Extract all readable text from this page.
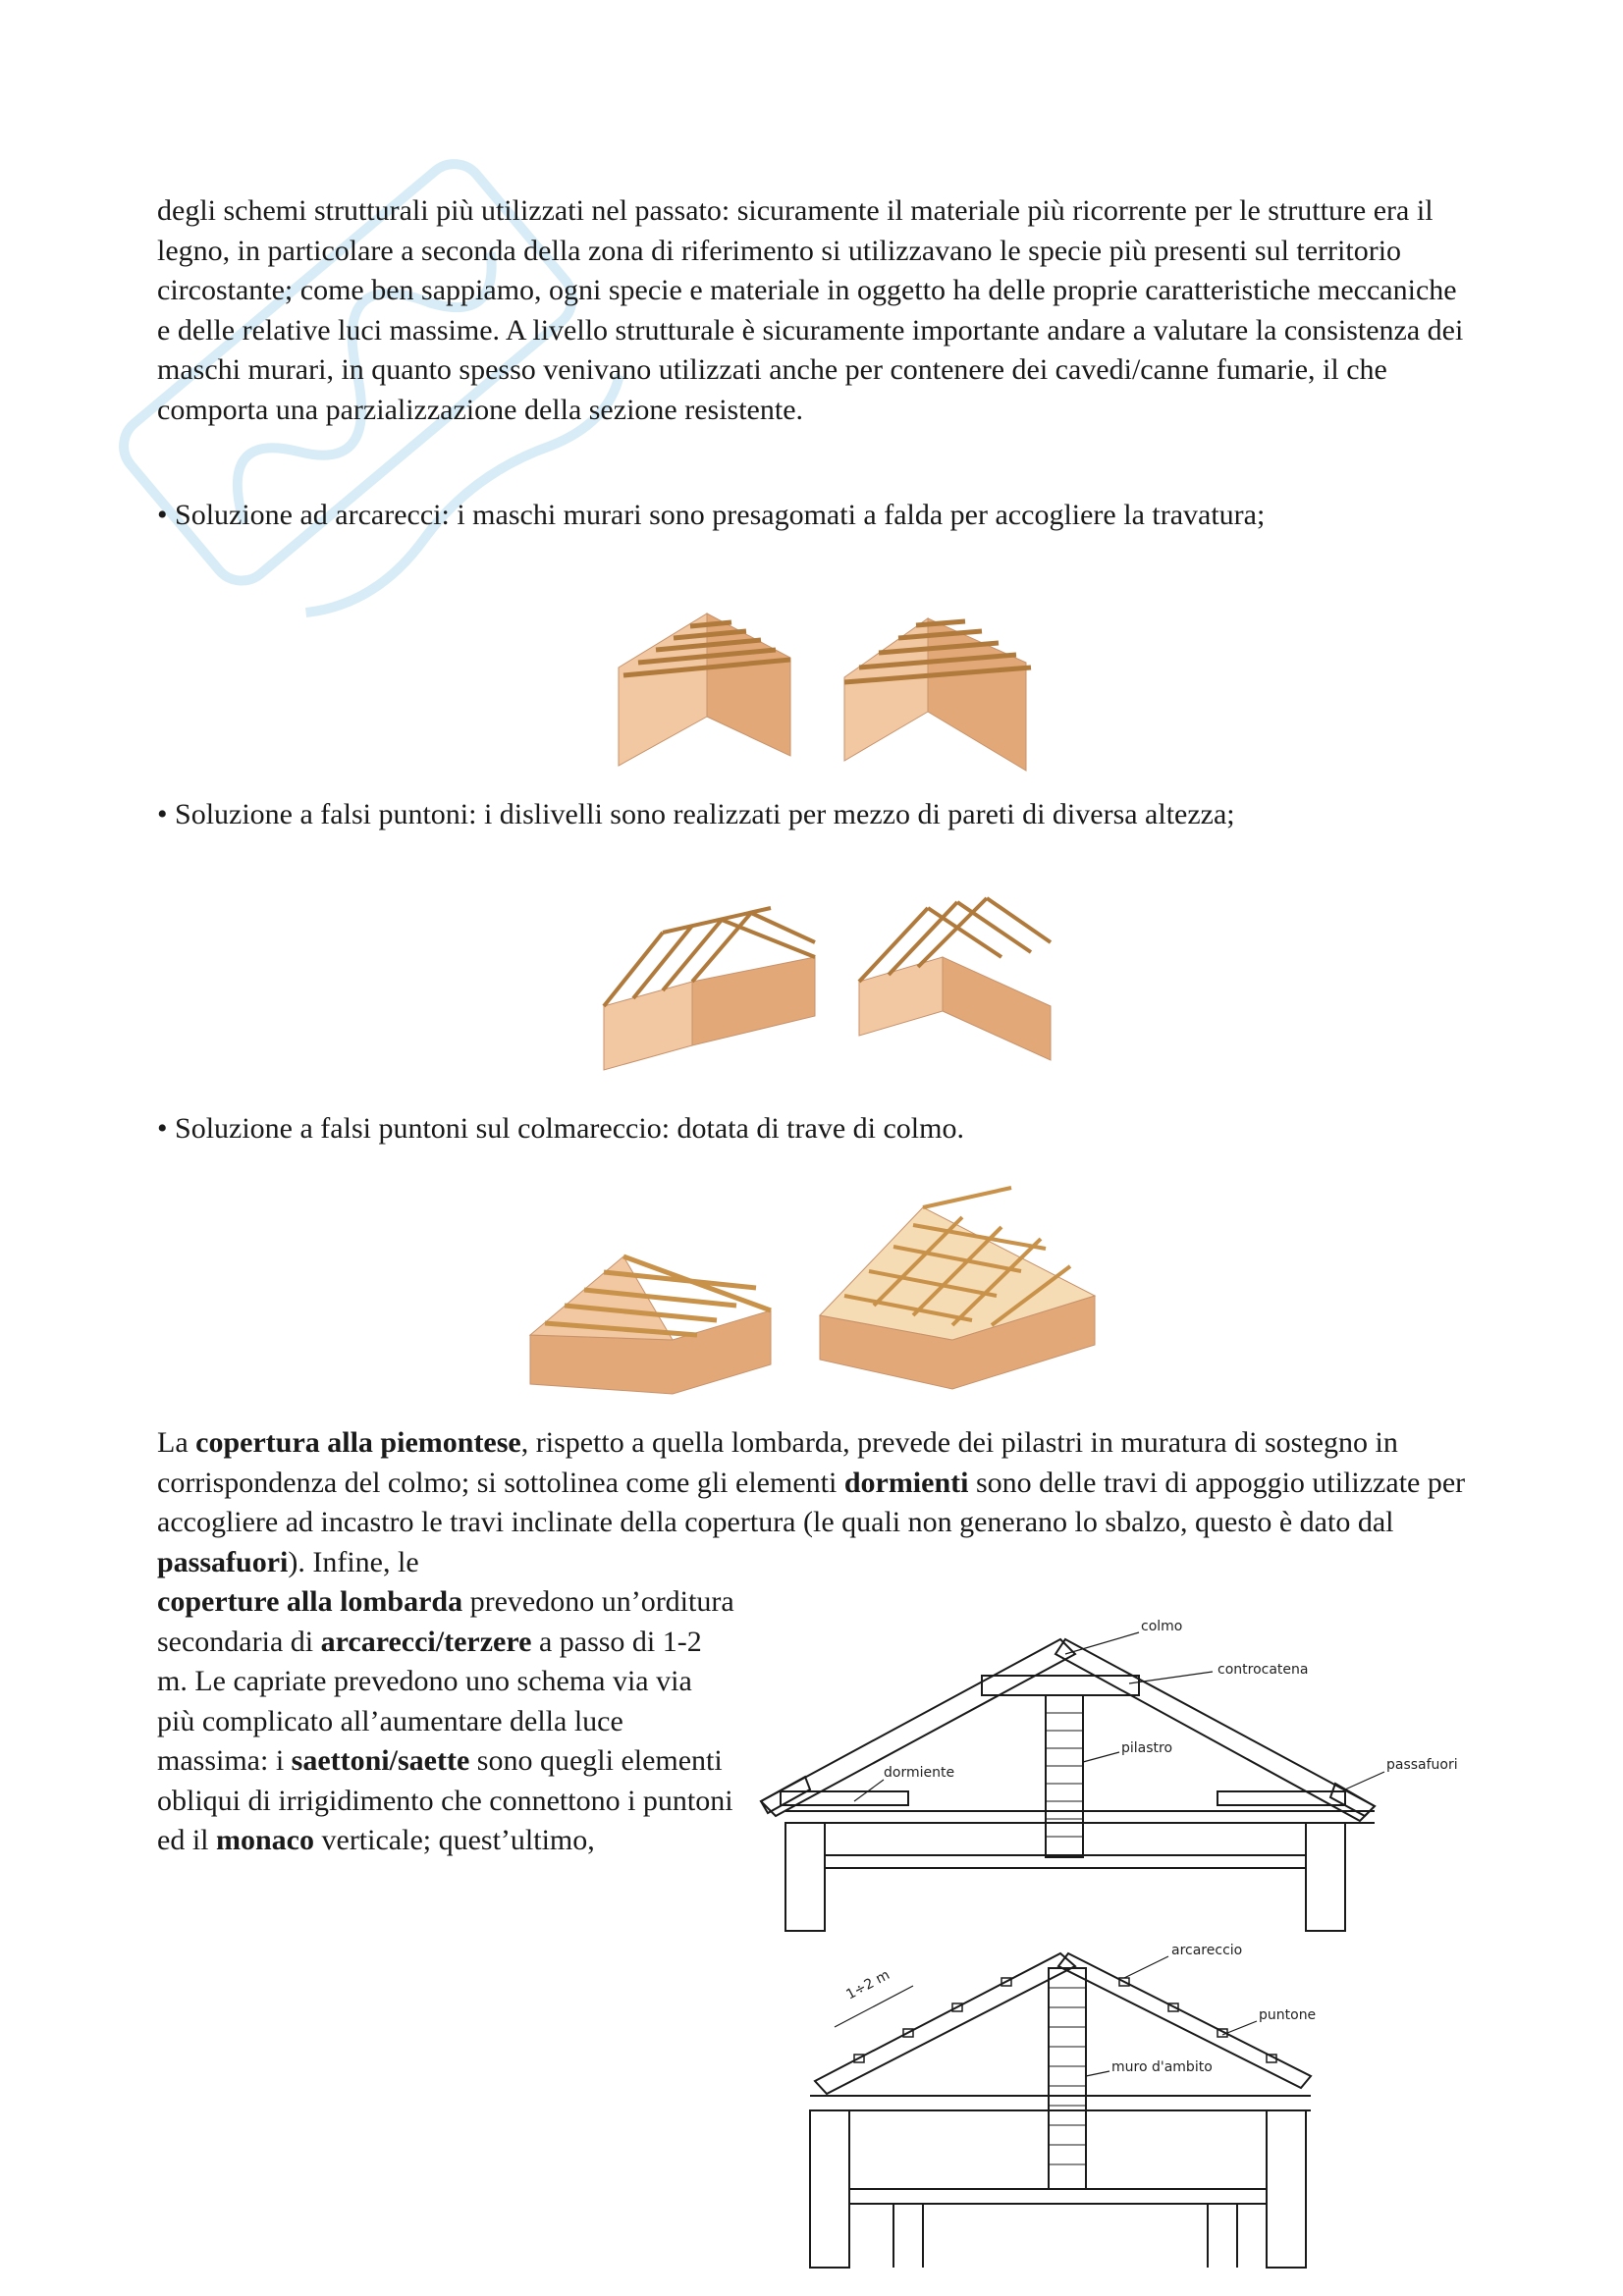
degli schemi strutturali più utilizzati nel passato: sicuramente il materiale più ricorrente per le strutture era il legno, in particolare a seconda della zona di riferimento si utilizzavano le specie più presenti sul territorio circostante; come ben sappiamo, ogni specie e materiale in oggetto ha delle proprie caratteristiche meccaniche e delle relative luci massime. A livello strutturale è sicuramente importante andare a valutare la consistenza dei maschi murari, in quanto spesso venivano utilizzati anche per contenere dei cavedi/canne fumarie, il che comporta una parzializzazione della sezione resistente.

• Soluzione ad arcarecci: i maschi murari sono presagomati a falda per accogliere la travatura;

• Soluzione a falsi puntoni: i dislivelli sono realizzati per mezzo di pareti di diversa altezza;

• Soluzione a falsi puntoni sul colmareccio: dotata di trave di colmo.

La copertura alla piemontese, rispetto a quella lombarda, prevede dei pilastri in muratura di sostegno in corrispondenza del colmo; si sottolinea come gli elementi dormienti sono delle travi di appoggio utilizzate per accogliere ad incastro le travi inclinate della copertura (le quali non generano lo sbalzo, questo è dato dal passafuori). Infine, le

coperture alla lombarda prevedono un’orditura secondaria di arcarecci/terzere a passo di 1-2 m. Le capriate prevedono uno schema via via più complicato all’aumentare della luce massima: i saettoni/saette sono quegli elementi obliqui di irrigidimento che connettono i puntoni ed il monaco verticale; quest’ultimo,

colmo
controcatena
pilastro
dormiente	passafuori
1÷2 m
arcareccio
puntone
muro d'ambito
